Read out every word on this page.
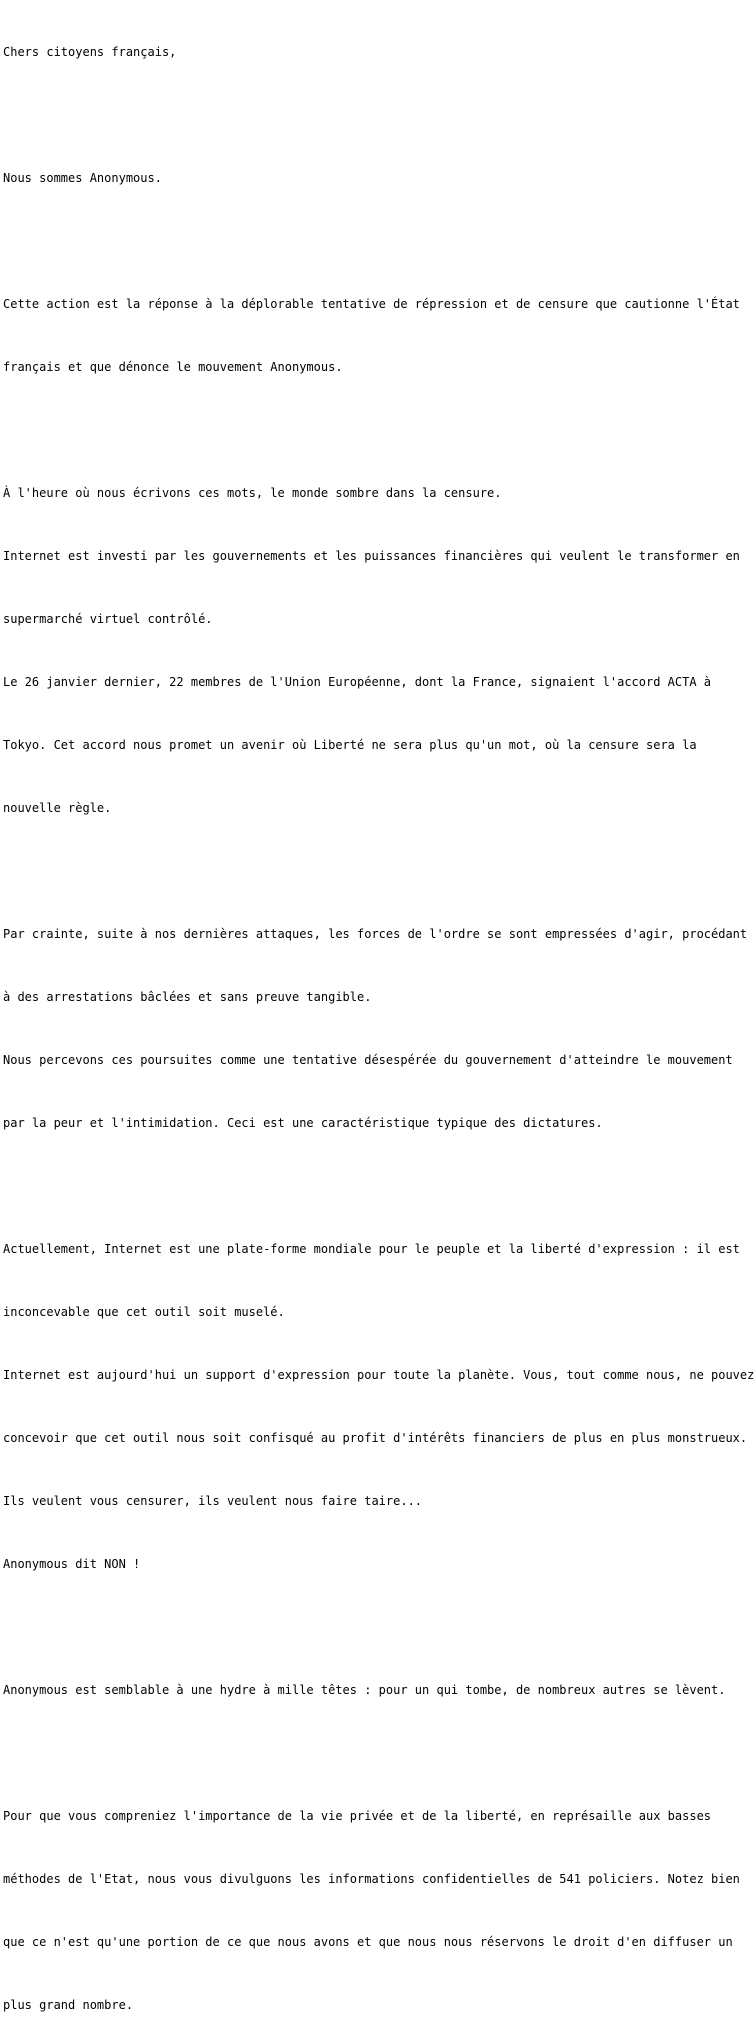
Chers citoyens français,

Nous sommes Anonymous.

Cette action est la réponse à la déplorable tentative de répression et de censure que cautionne l'État

français et que dénonce le mouvement Anonymous.

À l'heure où nous écrivons ces mots, le monde sombre dans la censure.

Internet est investi par les gouvernements et les puissances financières qui veulent le transformer en

supermarché virtuel contrôlé.

Le 26 janvier dernier, 22 membres de l'Union Européenne, dont la France, signaient l'accord ACTA à

Tokyo. Cet accord nous promet un avenir où Liberté ne sera plus qu'un mot, où la censure sera la

nouvelle règle.

Par crainte, suite à nos dernières attaques, les forces de l'ordre se sont empressées d'agir, procédant

à des arrestations bâclées et sans preuve tangible.

Nous percevons ces poursuites comme une tentative désespérée du gouvernement d'atteindre le mouvement

par la peur et l'intimidation. Ceci est une caractéristique typique des dictatures.

Actuellement, Internet est une plate-forme mondiale pour le peuple et la liberté d'expression : il est

inconcevable que cet outil soit muselé.

Internet est aujourd'hui un support d'expression pour toute la planète. Vous, tout comme nous, ne pouvez

concevoir que cet outil nous soit confisqué au profit d'intérêts financiers de plus en plus monstrueux.

Ils veulent vous censurer, ils veulent nous faire taire...

Anonymous dit NON !

Anonymous est semblable à une hydre à mille têtes : pour un qui tombe, de nombreux autres se lèvent.

Pour que vous compreniez l'importance de la vie privée et de la liberté, en représaille aux basses

méthodes de l'Etat, nous vous divulguons les informations confidentielles de 541 policiers. Notez bien

que ce n'est qu'une portion de ce que nous avons et que nous nous réservons le droit d'en diffuser un

plus grand nombre.
